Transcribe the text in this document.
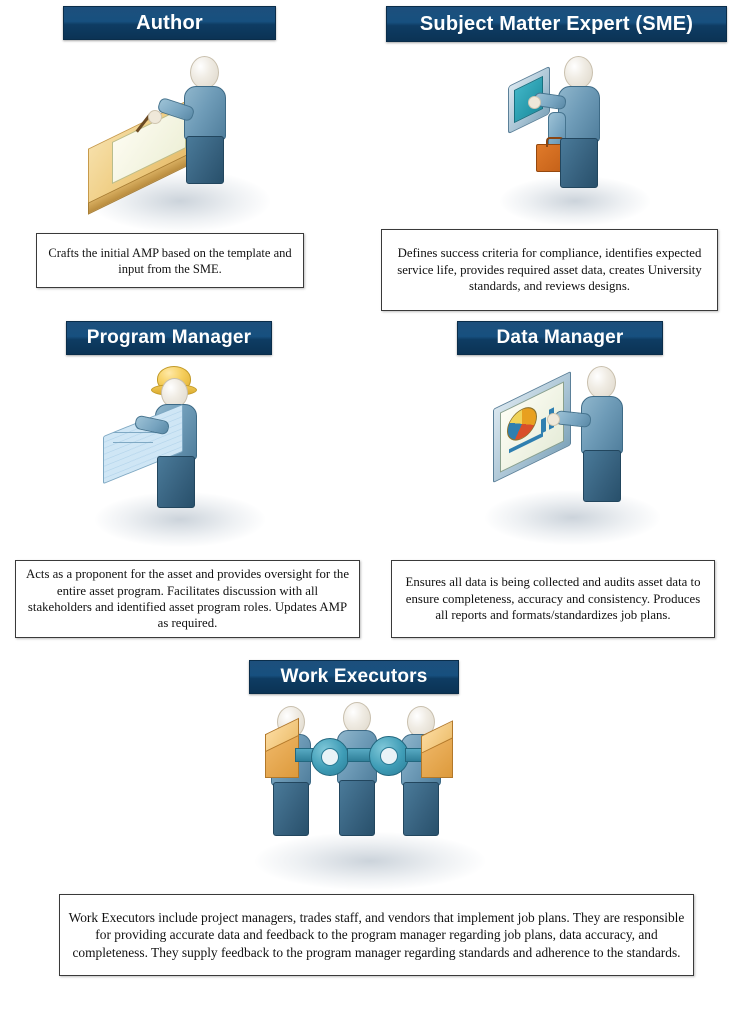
Author
Crafts the initial AMP based on the template and input from the SME.
Subject Matter Expert (SME)
Defines success criteria for compliance, identifies expected service life, provides required asset data, creates University standards, and reviews designs.
Program Manager
Acts as a proponent for the asset and provides oversight for the entire asset program. Facilitates discussion with all stakeholders and identified asset program roles. Updates AMP as required.
Data Manager
Ensures all data is being collected and audits asset data to ensure completeness, accuracy and consistency. Produces all reports and formats/standardizes job plans.
Work Executors
Work Executors include project managers, trades staff, and vendors that implement job plans. They are responsible for providing accurate data and feedback to the program manager regarding job plans, data accuracy, and completeness. They supply feedback to the program manager regarding standards and adherence to the standards.
